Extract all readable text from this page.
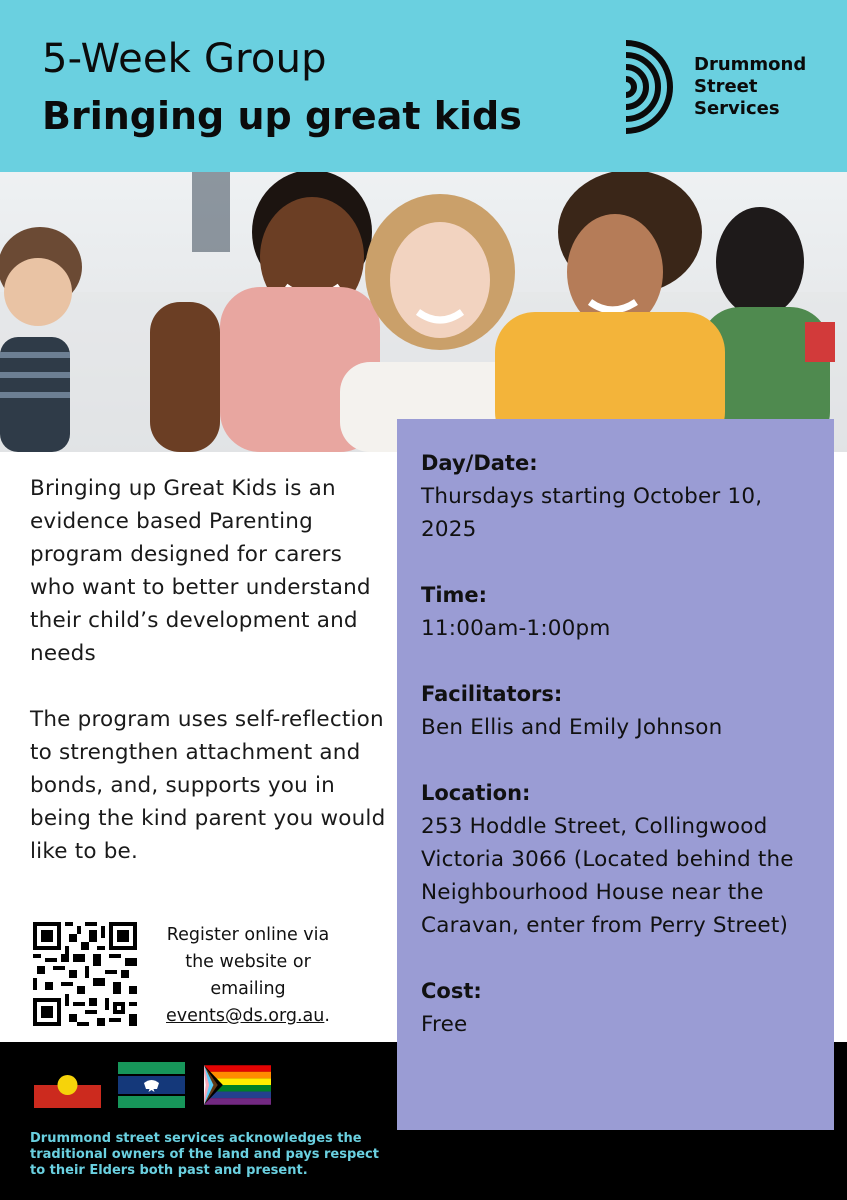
5-Week Group
Bringing up great kids
Drummond
Street
Services

Bringing up Great Kids is an evidence based Parenting program designed for carers who want to better understand their child’s development and needs

The program uses self-reflection to strengthen attachment and bonds, and, supports you in being the kind parent you would like to be.

Register online via
the website or
emailing
events@ds.org.au.
Drummond street services acknowledges the traditional owners of the land and pays respect to their Elders both past and present.
Day/Date:
Thursdays starting October 10, 2025
Time:
11:00am-1:00pm
Facilitators:
Ben Ellis and Emily Johnson
Location:
253 Hoddle Street, Collingwood Victoria 3066 (Located behind the Neighbourhood House near the Caravan, enter from Perry Street)
Cost:
Free
